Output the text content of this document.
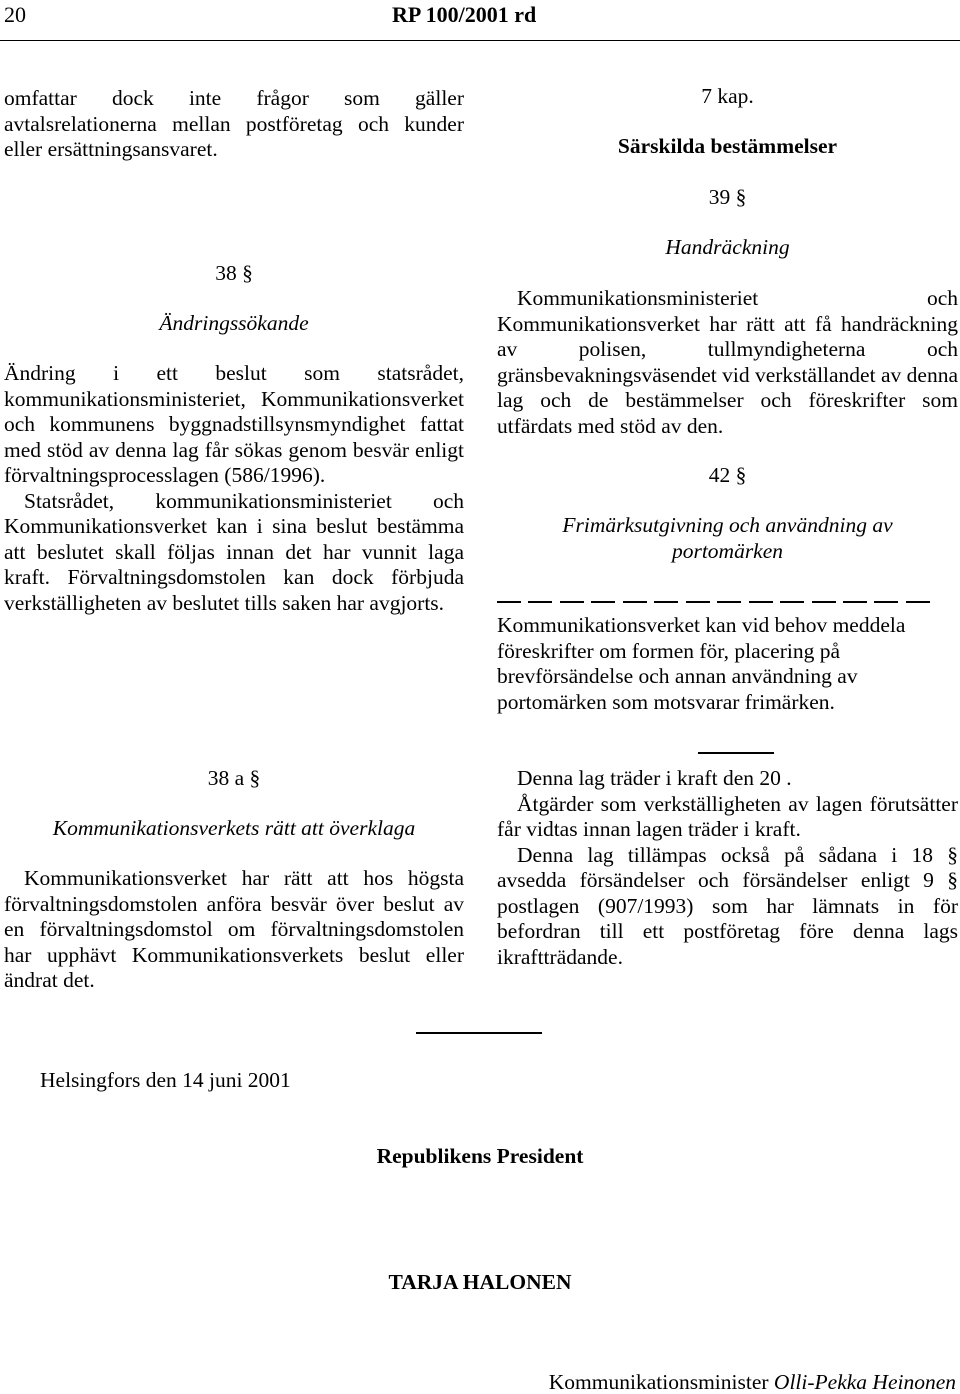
20	RP 100/2001 rd

omfattar dock inte frågor som gäller avtalsrelationerna mellan postföretag och kunder eller ersättningsansvaret.

38 §
Ändringssökande

Ändring i ett beslut som statsrådet, kommunikationsministeriet, Kommunikationsverket och kommunens byggnadstillsynsmyndighet fattat med stöd av denna lag får sökas genom besvär enligt förvaltningsprocesslagen (586/1996).

Statsrådet, kommunikationsministeriet och Kommunikationsverket kan i sina beslut bestämma att beslutet skall följas innan det har vunnit laga kraft. Förvaltningsdomstolen kan dock förbjuda verkställigheten av beslutet tills saken har avgjorts.

38 a §
Kommunikationsverkets rätt att överklaga

Kommunikationsverket har rätt att hos högsta förvaltningsdomstolen anföra besvär över beslut av en förvaltningsdomstol om förvaltningsdomstolen har upphävt Kommunikationsverkets beslut eller ändrat det.

7 kap.
Särskilda bestämmelser
39 §
Handräckning

Kommunikationsministeriet och Kommunikationsverket har rätt att få handräckning av polisen, tullmyndigheterna och gränsbevakningsväsendet vid verkställandet av denna lag och de bestämmelser och föreskrifter som utfärdats med stöd av den.

42 §
Frimärksutgivning och användning av portomärken

Kommunikationsverket kan vid behov meddela föreskrifter om formen för, placering på brevförsändelse och annan användning av portomärken som motsvarar frimärken.

Denna lag träder i kraft den 20 .

Åtgärder som verkställigheten av lagen förutsätter får vidtas innan lagen träder i kraft.

Denna lag tillämpas också på sådana i 18 § avsedda försändelser och försändelser enligt 9 § postlagen (907/1993) som har lämnats in för befordran till ett postföretag före denna lags ikraftträdande.

Helsingfors den 14 juni 2001
Republikens President
TARJA HALONEN
Kommunikationsminister Olli-Pekka Heinonen
